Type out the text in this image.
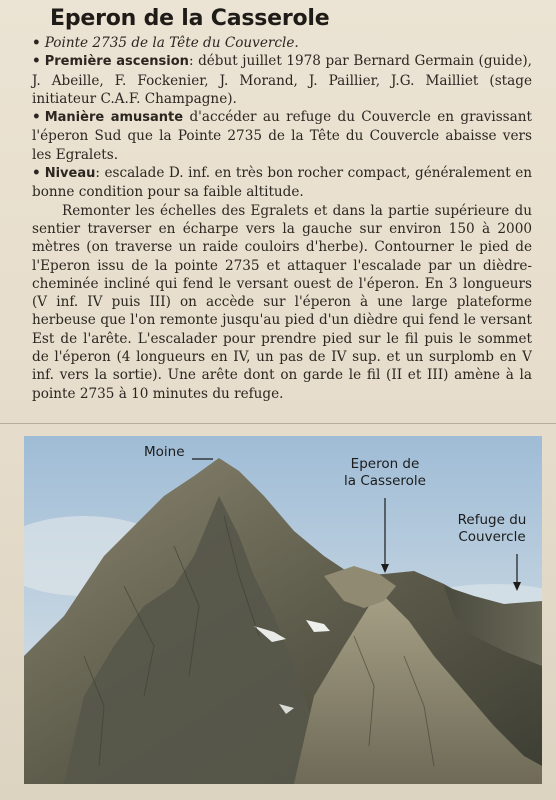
Eperon de la Casserole

• Pointe 2735 de la Tête du Couvercle.

• Première ascension: début juillet 1978 par Bernard Germain (guide), J. Abeille, F. Fockenier, J. Morand, J. Paillier, J.G. Mailliet (stage initiateur C.A.F. Champagne).

• Manière amusante d'accéder au refuge du Couvercle en gravissant l'éperon Sud que la Pointe 2735 de la Tête du Couvercle abaisse vers les Egralets.

• Niveau: escalade D. inf. en très bon rocher compact, généralement en bonne condition pour sa faible altitude.

Remonter les échelles des Egralets et dans la partie supérieure du sentier traverser en écharpe vers la gauche sur environ 150 à 2000 mètres (on traverse un raide couloirs d'herbe). Contourner le pied de l'Eperon issu de la pointe 2735 et attaquer l'escalade par un dièdre-cheminée incliné qui fend le versant ouest de l'éperon. En 3 longueurs (V inf. IV puis III) on accède sur l'éperon à une large plateforme herbeuse que l'on remonte jusqu'au pied d'un dièdre qui fend le versant Est de l'arête. L'escalader pour prendre pied sur le fil puis le sommet de l'éperon (4 longueurs en IV, un pas de IV sup. et un surplomb en V inf. vers la sortie). Une arête dont on garde le fil (II et III) amène à la pointe 2735 à 10 minutes du refuge.

Moine
Eperon de
la Casserole
Refuge du
Couvercle
